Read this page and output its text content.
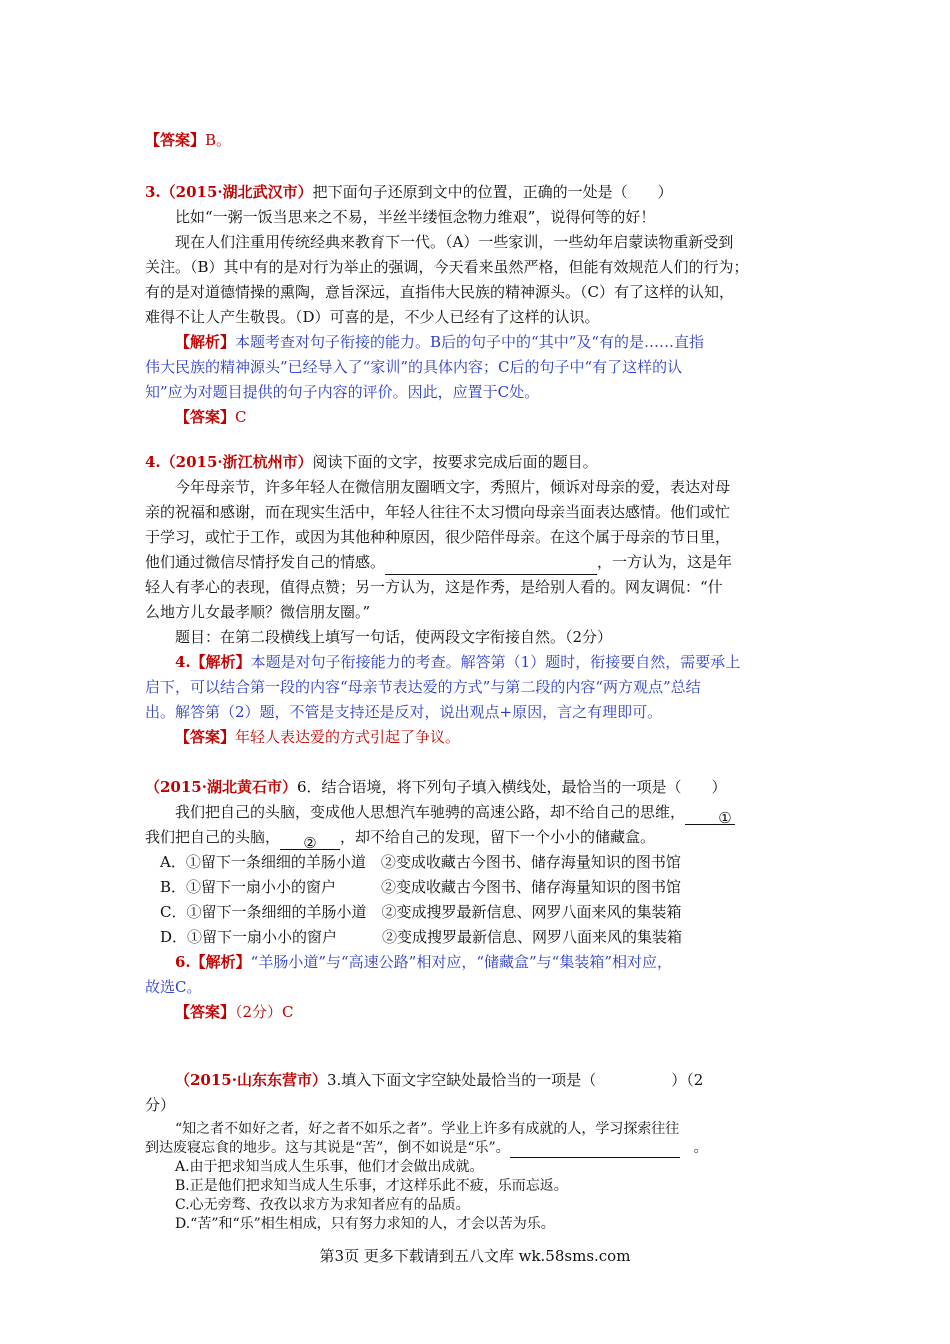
【答案】B。
3.（2015·湖北武汉市）把下面句子还原到文中的位置，正确的一处是（　　）
比如“一粥一饭当思来之不易，半丝半缕恒念物力维艰”，说得何等的好！
现在人们注重用传统经典来教育下一代。（A）一些家训，一些幼年启蒙读物重新受到
关注。（B）其中有的是对行为举止的强调，今天看来虽然严格，但能有效规范人们的行为；
有的是对道德情操的熏陶，意旨深远，直指伟大民族的精神源头。（C）有了这样的认知，
难得不让人产生敬畏。（D）可喜的是，不少人已经有了这样的认识。
【解析】本题考查对句子衔接的能力。B后的句子中的“其中”及“有的是……直指
伟大民族的精神源头”已经导入了“家训”的具体内容；C后的句子中“有了这样的认
知”应为对题目提供的句子内容的评价。因此，应置于C处。
【答案】C
4.（2015·浙江杭州市）阅读下面的文字，按要求完成后面的题目。
今年母亲节，许多年轻人在微信朋友圈晒文字，秀照片，倾诉对母亲的爱，表达对母
亲的祝福和感谢，而在现实生活中，年轻人往往不太习惯向母亲当面表达感情。他们或忙
于学习，或忙于工作，或因为其他种种原因，很少陪伴母亲。在这个属于母亲的节日里，
他们通过微信尽情抒发自己的情感。	，一方认为，这是年
轻人有孝心的表现，值得点赞；另一方认为，这是作秀，是给别人看的。网友调侃：“什
么地方儿女最孝顺？微信朋友圈。”
题目：在第二段横线上填写一句话，使两段文字衔接自然。（2分）
4.【解析】本题是对句子衔接能力的考查。解答第（1）题时，衔接要自然，需要承上
启下，可以结合第一段的内容“母亲节表达爱的方式”与第二段的内容“两方观点”总结
出。解答第（2）题，不管是支持还是反对，说出观点+原因，言之有理即可。
【答案】年轻人表达爱的方式引起了争议。
（2015·湖北黄石市）6．结合语境，将下列句子填入横线处，最恰当的一项是（　　）
我们把自己的头脑，变成他人思想汽车驰骋的高速公路，却不给自己的思维， ①
我们把自己的头脑， ② ，却不给自己的发现，留下一个小小的储藏盒。
A．①留下一条细细的羊肠小道　②变成收藏古今图书、储存海量知识的图书馆
B．①留下一扇小小的窗户　　　②变成收藏古今图书、储存海量知识的图书馆
C．①留下一条细细的羊肠小道　②变成搜罗最新信息、网罗八面来风的集装箱
D．①留下一扇小小的窗户　　　②变成搜罗最新信息、网罗八面来风的集装箱
6.【解析】“羊肠小道”与“高速公路”相对应，“储藏盒”与“集装箱”相对应，
故选C。
【答案】（2分）C
（2015·山东东营市）3.填入下面文字空缺处最恰当的一项是（　　　　　）（2
分）
“知之者不如好之者，好之者不如乐之者”。学业上许多有成就的人，学习探索往往
到达废寝忘食的地步。这与其说是“苦”，倒不如说是“乐”。	。
A.由于把求知当成人生乐事，他们才会做出成就。
B.正是他们把求知当成人生乐事，才这样乐此不疲，乐而忘返。
C.心无旁骛、孜孜以求方为求知者应有的品质。
D.“苦”和“乐”相生相成，只有努力求知的人，才会以苦为乐。
第3页 更多下载请到五八文库 wk.58sms.com
